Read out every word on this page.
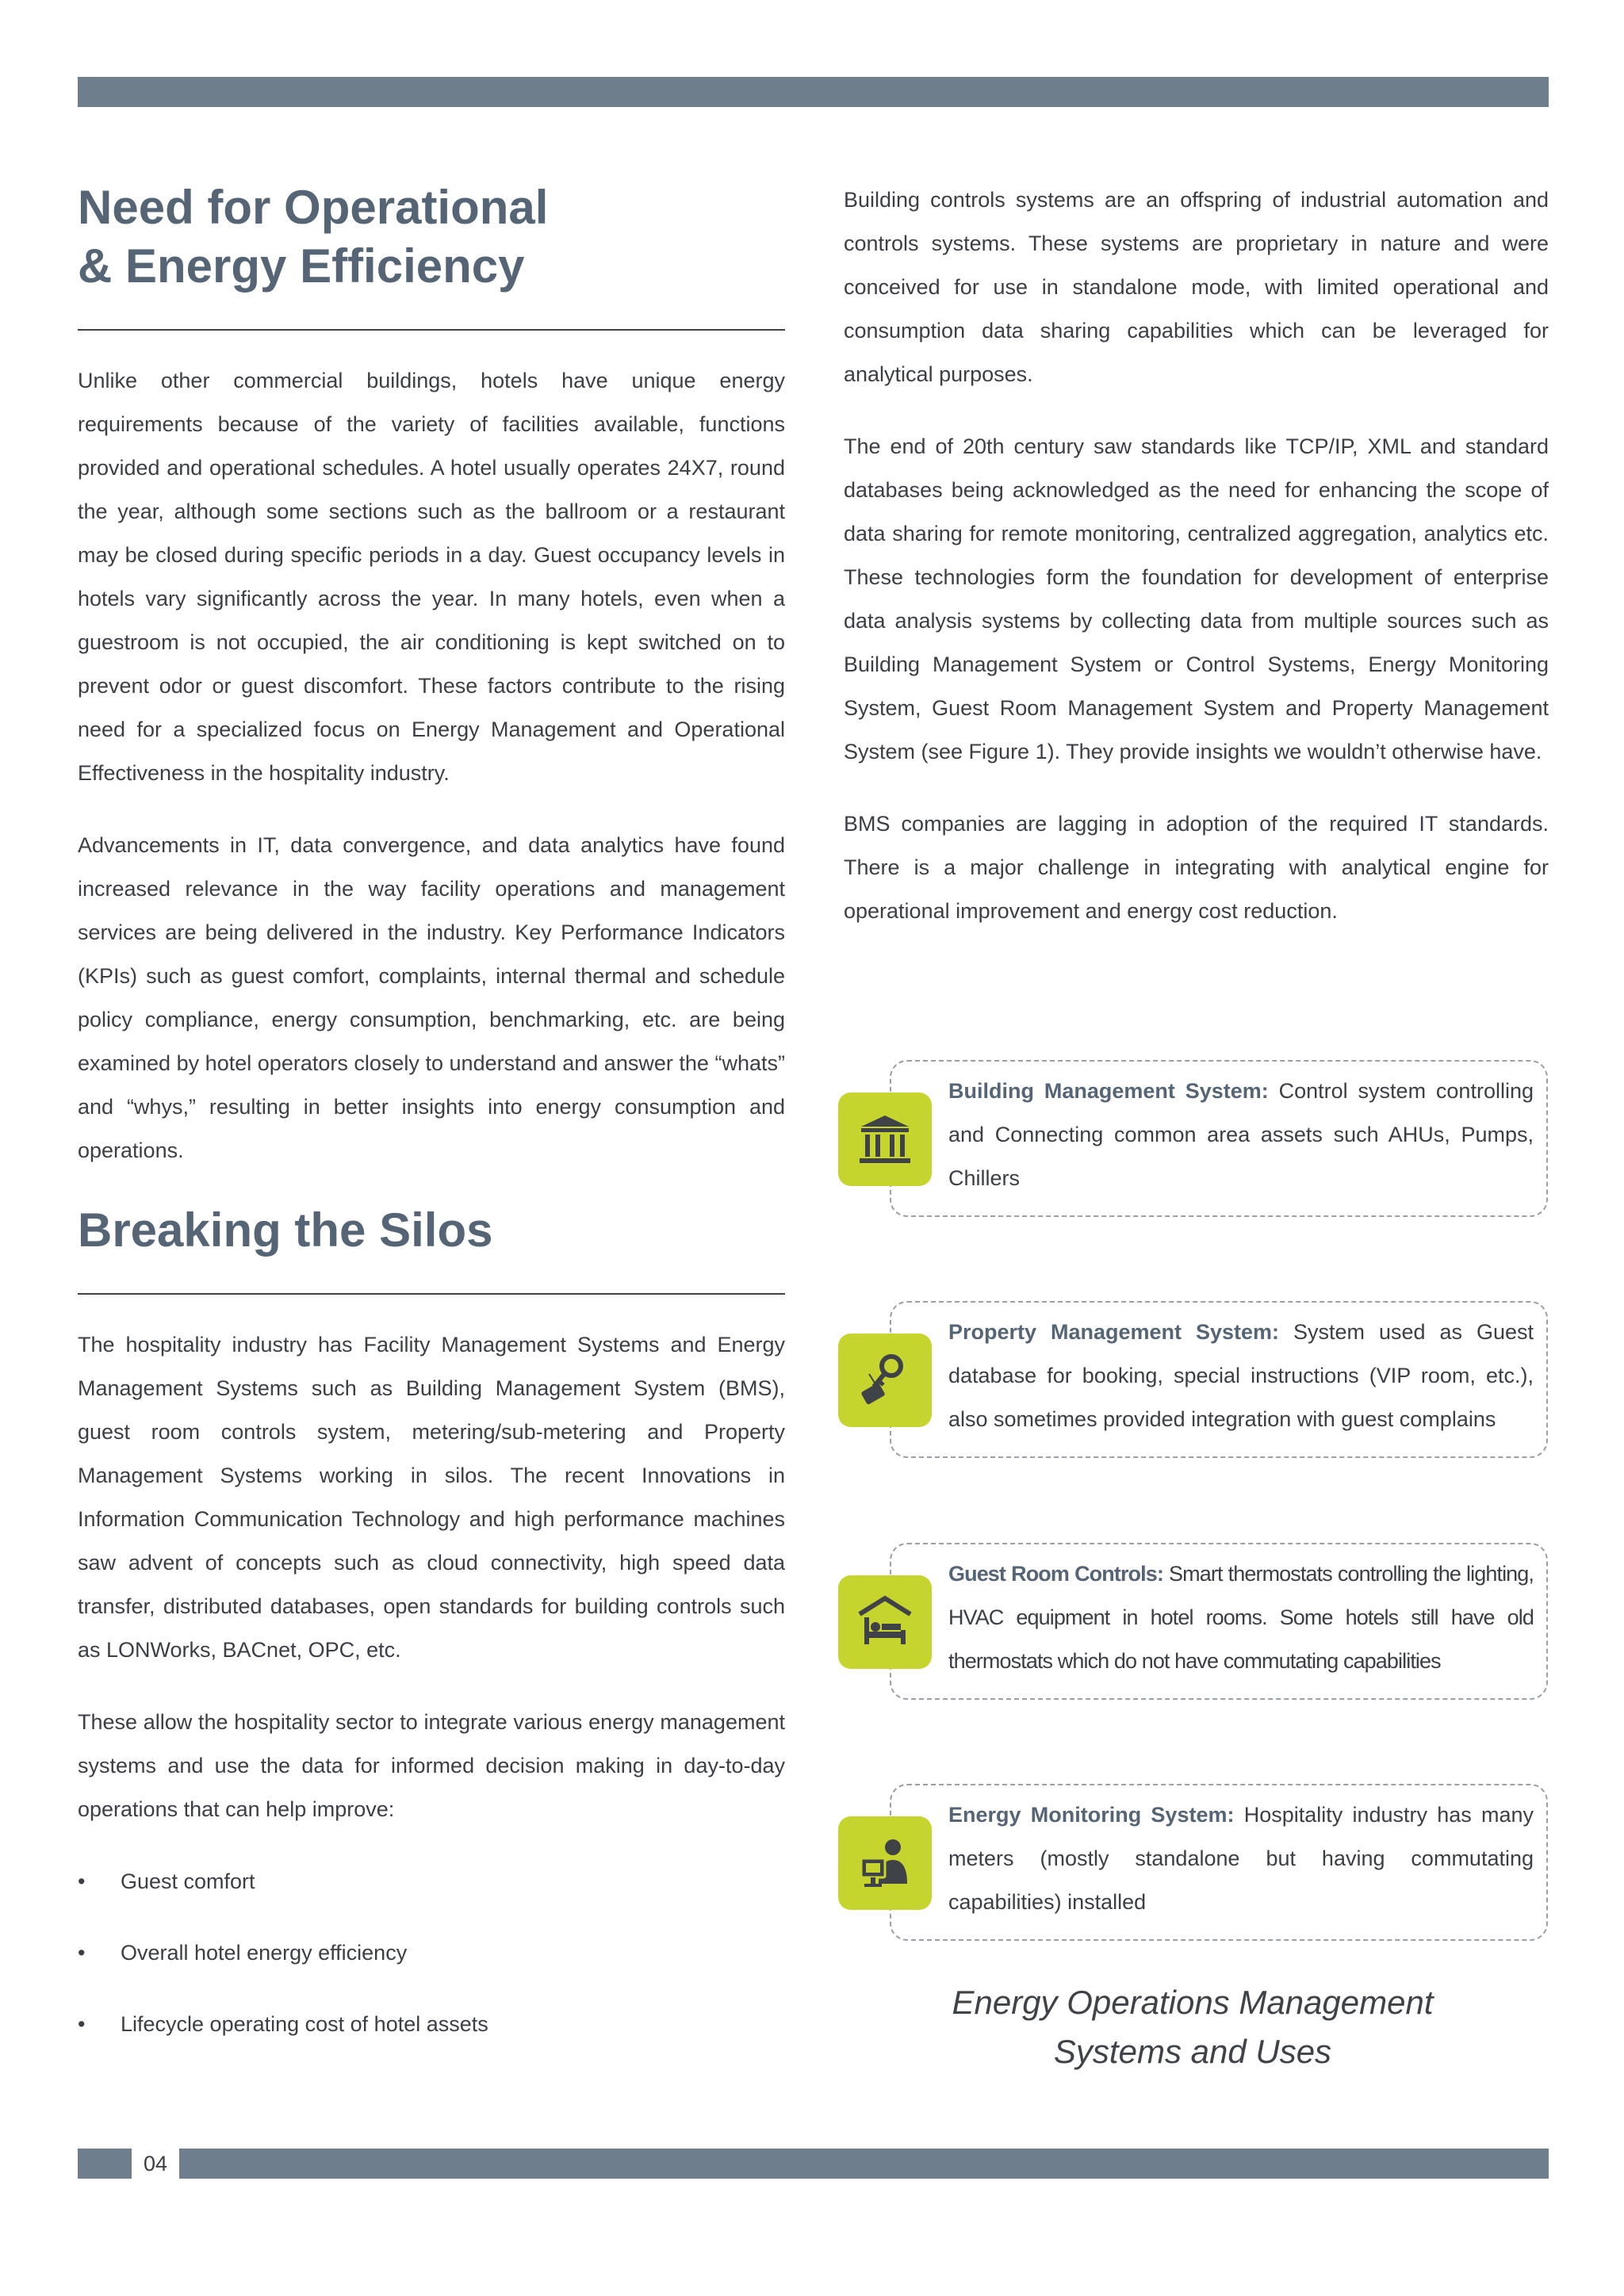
Need for Operational
& Energy Efficiency

Unlike other commercial buildings, hotels have unique energy requirements because of the variety of facilities available, functions provided and operational schedules. A hotel usually operates 24X7, round the year, although some sections such as the ballroom or a restaurant may be closed during specific periods in a day. Guest occupancy levels in hotels vary significantly across the year. In many hotels, even when a guestroom is not occupied, the air conditioning is kept switched on to prevent odor or guest discomfort. These factors contribute to the rising need for a specialized focus on Energy Management and Operational Effectiveness in the hospitality industry.

Advancements in IT, data convergence, and data analytics have found increased relevance in the way facility operations and management services are being delivered in the industry. Key Performance Indicators (KPIs) such as guest comfort, complaints, internal thermal and schedule policy compliance, energy consumption, benchmarking, etc. are being examined by hotel operators closely to understand and answer the “whats” and “whys,” resulting in better insights into energy consumption and operations.

Breaking the Silos

The hospitality industry has Facility Management Systems and Energy Management Systems such as Building Management System (BMS), guest room controls system, metering/sub-metering and Property Management Systems working in silos. The recent Innovations in Information Communication Technology and high performance machines saw advent of concepts such as cloud connectivity, high speed data transfer, distributed databases, open standards for building controls such as LONWorks, BACnet, OPC, etc.

These allow the hospitality sector to integrate various energy management systems and use the data for informed decision making in day-to-day operations that can help improve:

• Guest comfort
• Overall hotel energy efficiency
• Lifecycle operating cost of hotel assets

Building controls systems are an offspring of industrial automation and controls systems. These systems are proprietary in nature and were conceived for use in standalone mode, with limited operational and consumption data sharing capabilities which can be leveraged for analytical purposes.

The end of 20th century saw standards like TCP/IP, XML and standard databases being acknowledged as the need for enhancing the scope of data sharing for remote monitoring, centralized aggregation, analytics etc. These technologies form the foundation for development of enterprise data analysis systems by collecting data from multiple sources such as Building Management System or Control Systems, Energy Monitoring System, Guest Room Management System and Property Management System (see Figure 1). They provide insights we wouldn’t otherwise have.

BMS companies are lagging in adoption of the required IT standards. There is a major challenge in integrating with analytical engine for operational improvement and energy cost reduction.

Building Management System: Control system controlling and Connecting common area assets such AHUs, Pumps, Chillers
Property Management System: System used as Guest database for booking, special instructions (VIP room, etc.), also sometimes provided integration with guest complains
Guest Room Controls: Smart thermostats controlling the lighting, HVAC equipment in hotel rooms. Some hotels still have old thermostats which do not have commutating capabilities
Energy Monitoring System: Hospitality industry has many meters (mostly standalone but having commutating capabilities) installed
Energy Operations Management
Systems and Uses
04
